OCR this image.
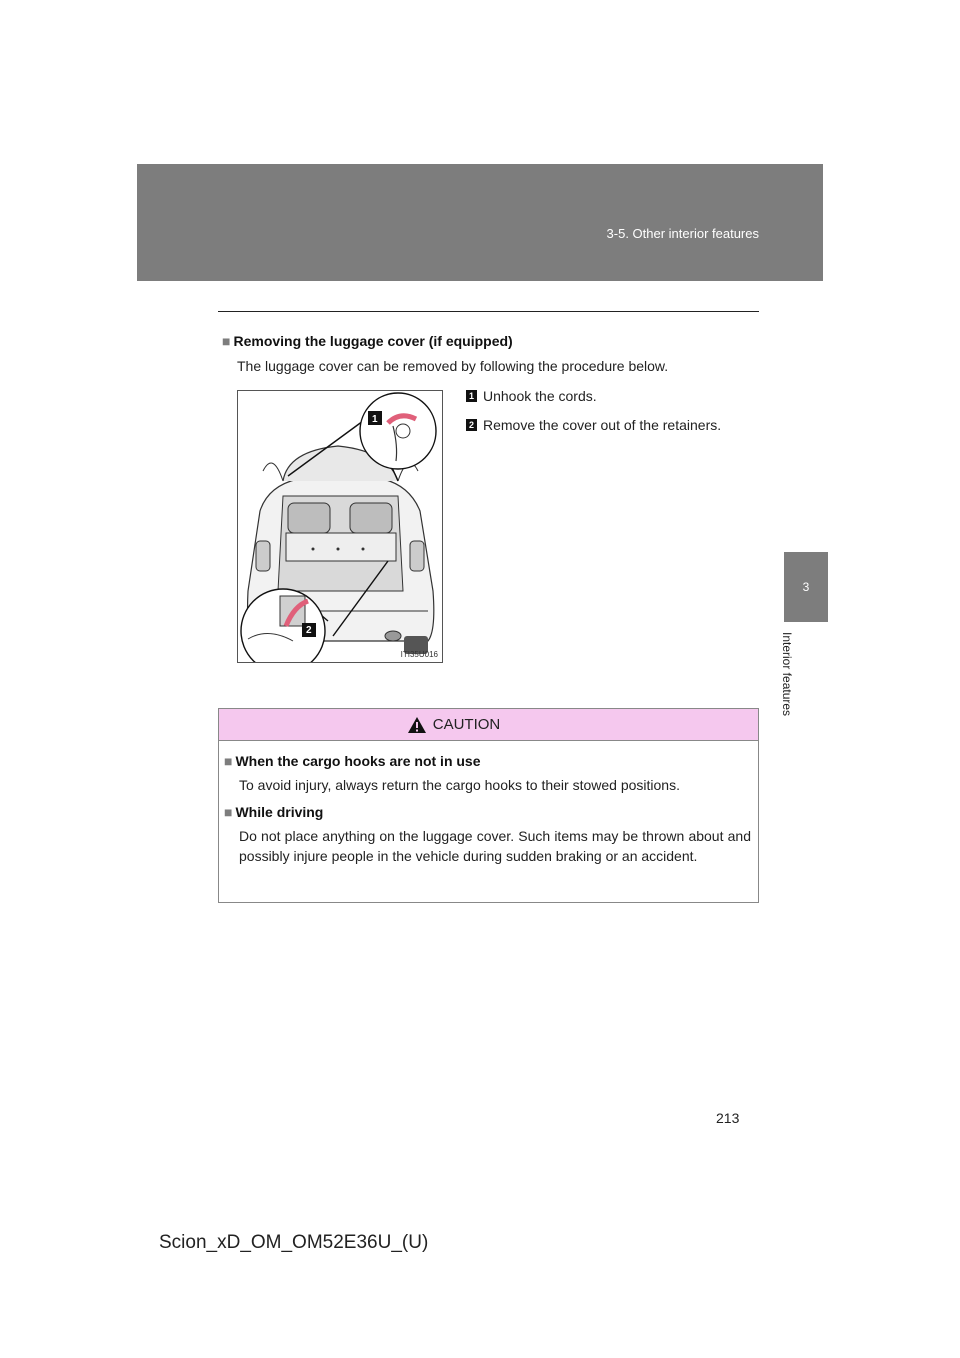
3-5. Other interior features
3
Interior features
■ Removing the luggage cover (if equipped)
The luggage cover can be removed by following the procedure below.
1
2
ITI35U016
1 Unhook the cords.
2 Remove the cover out of the retainers.
CAUTION
■ When the cargo hooks are not in use
To avoid injury, always return the cargo hooks to their stowed positions.
■ While driving
Do not place anything on the luggage cover. Such items may be thrown about and possibly injure people in the vehicle during sudden braking or an accident.
213
Scion_xD_OM_OM52E36U_(U)
